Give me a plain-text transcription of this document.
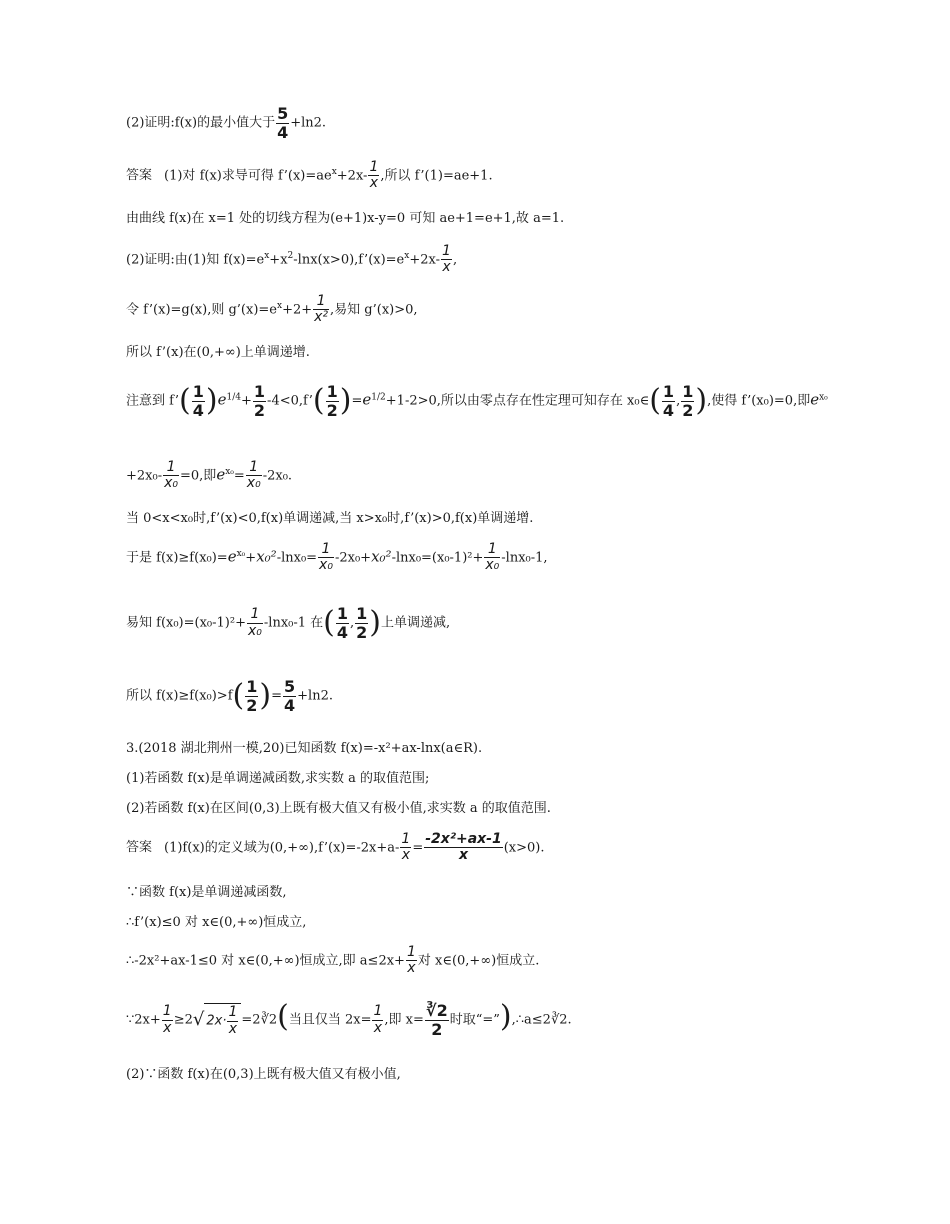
(2)证明:f(x)的最小值大于 $\frac{5}{4} +\ln 2$.
答案 (1)对 f(x)求导可得 $f’(x)=ae^x+2x- \frac{1}{x}$ ,所以 f’(1)=ae+1.
由曲线 f(x)在 x=1 处的切线方程为(e+1)x-y=0 可知 ae+1=e+1,故 a=1.
(2)证明:由(1)知 $f(x)=e^x+x^2-\ln x(x>0),f’(x)=e^x+2x- \frac{1}{x}$ ,
令 f’(x)=g(x),则 $g’(x)=e^x+2+ \frac{1}{\text{x²}}$ ,易知 g’(x)>0,
所以 f’(x)在(0,+∞)上单调递增.
注意到 f’( $\frac{1}{4} )e^{1/4}+ \frac{1}{2}$ -4<0,f’( $\frac{1}{2} )=e^{1/2}+1-2>0$,所以由零点存在性定理可知存在 x₀∈( $\frac{1}{4}$ , $\frac{1}{2}$ ),使得 f’(x₀)=0,即$e^{x_0}$
$+2x_0- \frac{1}{\text{x₀}} =0$,即$e^{x_0}= \frac{1}{\text{x₀}} -2x_0$.
当 0<x<x₀时,f’(x)<0,f(x)单调递减,当 x>x₀时,f’(x)>0,f(x)单调递增.
于是 $f(x)\ge f(x_0)=e^{x_0}+x_0^2-\ln x_0= \frac{1}{\text{x₀}} -2x_0+x_0^2-\ln x_0=(x_0-1)^2+ \frac{1}{\text{x₀}} -\ln x_0-1$,
易知 $f(x_0)=(x_0-1)^2+ \frac{1}{\text{x₀}} -\ln x_0-1$ 在( $\frac{1}{4}$ , $\frac{1}{2}$ )上单调递减,
所以 $f(x)\ge f(x_0)>f( \frac{1}{2}$ )= $\frac{5}{4} +\ln 2$.
3.(2018 湖北荆州一模,20)已知函数 f(x)=-x²+ax-lnx(a∈R).
(1)若函数 f(x)是单调递减函数,求实数 a 的取值范围;
(2)若函数 f(x)在区间(0,3)上既有极大值又有极小值,求实数 a 的取值范围.
答案 (1)f(x)的定义域为(0,+∞),f’(x)=-2x+a- $\frac{1}{x} = \frac{\text{-2x²+ax-1}}{x} (x>0)$.
∵函数 f(x)是单调递减函数,
∴f’(x)≤0 对 x∈(0,+∞)恒成立,
∴-2x²+ax-1≤0 对 x∈(0,+∞)恒成立,即 $a\le 2x+ \frac{1}{x}$ 对 x∈(0,+∞)恒成立.
∵2x+ $\frac{1}{x} \ge 2√$ $2x\cdot \frac{1}{x}$ =2∛2(当且仅当 $2x= \frac{1}{x}$ ,即 $x= \frac{∛2}{2}$ 时取“=”),∴a≤2∛2.
(2)∵函数 f(x)在(0,3)上既有极大值又有极小值,
